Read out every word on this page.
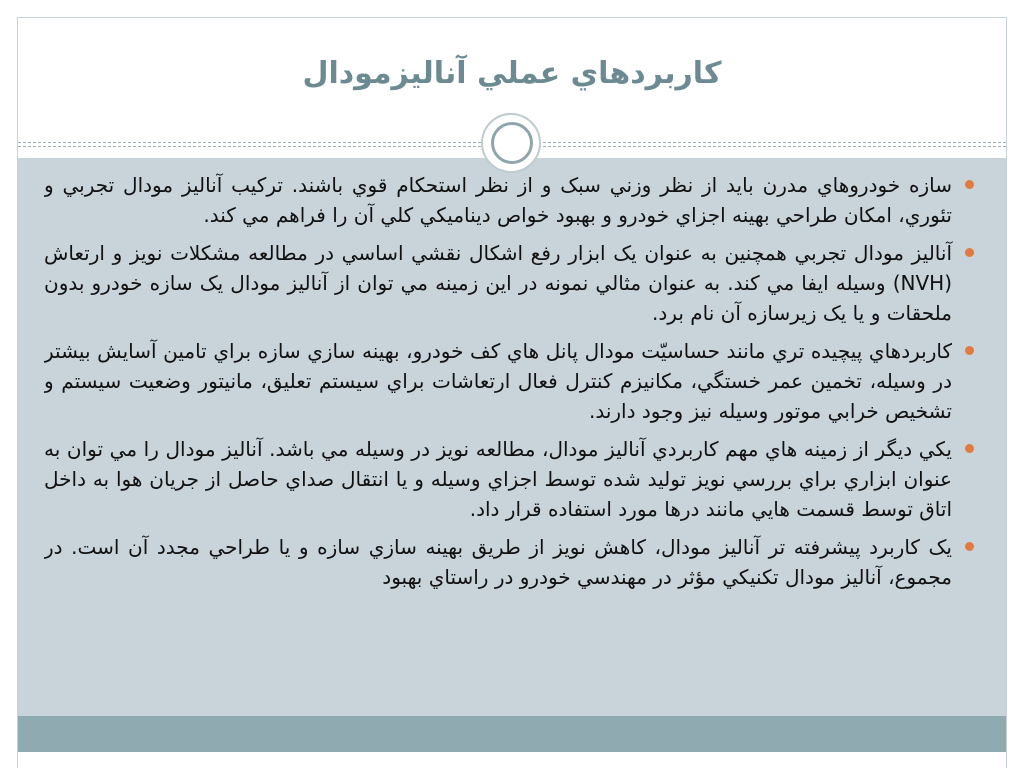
كاربردهاي عملي آناليزمودال
سازه خودروهاي مدرن بايد از نظر وزني سبک و از نظر استحکام قوي باشند. ترکيب آناليز مودال تجربي و تئوري، امکان طراحي بهينه اجزاي خودرو و بهبود خواص ديناميکي کلي آن را فراهم مي کند.
آناليز مودال تجربي همچنين به عنوان يک ابزار رفع اشکال نقشي اساسي در مطالعه مشکلات نويز و ارتعاش (NVH) وسيله ايفا مي کند. به عنوان مثالي نمونه در اين زمينه مي توان از آناليز مودال يک سازه خودرو بدون ملحقات و يا يک زيرسازه آن نام برد.
کاربردهاي پيچيده تري مانند حساسيّت مودال پانل هاي کف خودرو، بهينه سازي سازه براي تامين آسايش بيشتر در وسيله، تخمين عمر خستگي، مکانيزم کنترل فعال ارتعاشات براي سيستم تعليق، مانيتور وضعيت سيستم و تشخيص خرابي موتور وسيله نيز وجود دارند.
يکي ديگر از زمينه هاي مهم کاربردي آناليز مودال، مطالعه نويز در وسيله مي باشد. آناليز مودال را مي توان به عنوان ابزاري براي بررسي نويز توليد شده توسط اجزاي وسيله و يا انتقال صداي حاصل از جريان هوا به داخل اتاق توسط قسمت هايي مانند درها مورد استفاده قرار داد.
يک کاربرد پيشرفته تر آناليز مودال، کاهش نويز از طريق بهينه سازي سازه و يا طراحي مجدد آن است. در مجموع، آناليز مودال تکنيکي مؤثر در مهندسي خودرو در راستاي بهبود
